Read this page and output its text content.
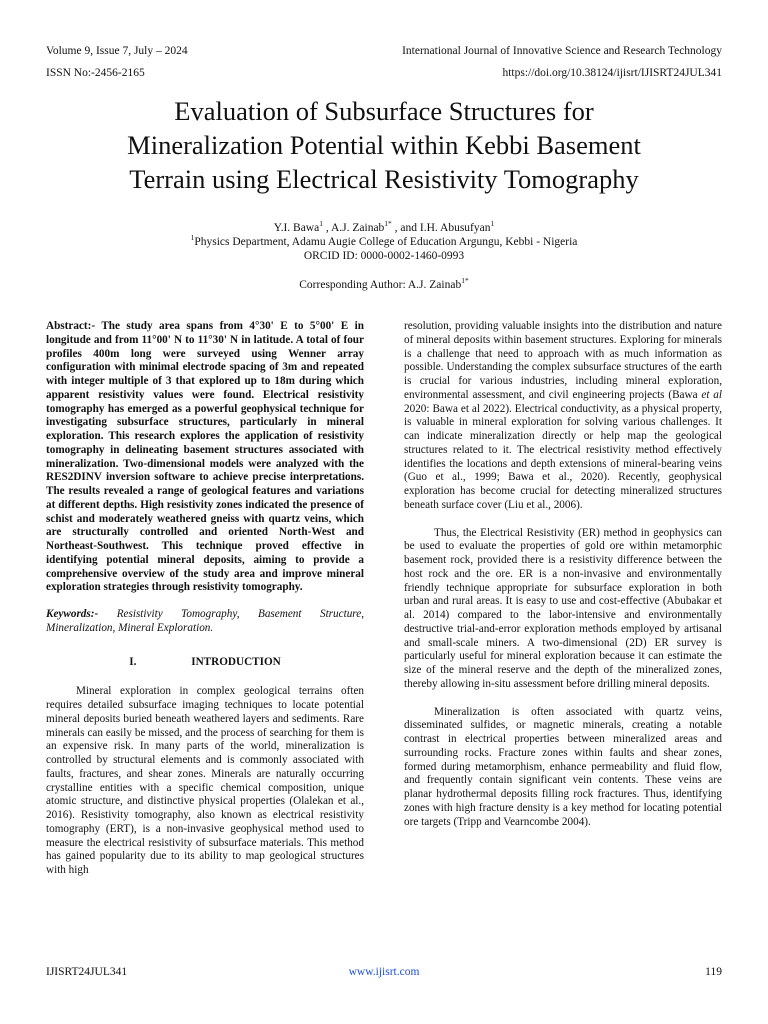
Volume 9, Issue 7, July – 2024	International Journal of Innovative Science and Research Technology
ISSN No:-2456-2165	https://doi.org/10.38124/ijisrt/IJISRT24JUL341
Evaluation of Subsurface Structures for
Mineralization Potential within Kebbi Basement
Terrain using Electrical Resistivity Tomography
Y.I. Bawa$^1$ , A.J. Zainab$^{1*}$ , and I.H. Abusufyan$^1$
$^1$Physics Department, Adamu Augie College of Education Argungu, Kebbi - Nigeria
ORCID ID: 0000-0002-1460-0993
Corresponding Author: A.J. Zainab$^{1*}$

Abstract:- The study area spans from 4°30' E to 5°00' E in longitude and from 11°00' N to 11°30' N in latitude. A total of four profiles 400m long were surveyed using Wenner array configuration with minimal electrode spacing of 3m and repeated with integer multiple of 3 that explored up to 18m during which apparent resistivity values were found. Electrical resistivity tomography has emerged as a powerful geophysical technique for investigating subsurface structures, particularly in mineral exploration. This research explores the application of resistivity tomography in delineating basement structures associated with mineralization. Two-dimensional models were analyzed with the RES2DINV inversion software to achieve precise interpretations. The results revealed a range of geological features and variations at different depths. High resistivity zones indicated the presence of schist and moderately weathered gneiss with quartz veins, which are structurally controlled and oriented North-West and Northeast-Southwest. This technique proved effective in identifying potential mineral deposits, aiming to provide a comprehensive overview of the study area and improve mineral exploration strategies through resistivity tomography.

Keywords:- Resistivity Tomography, Basement Structure, Mineralization, Mineral Exploration.

I.	INTRODUCTION

Mineral exploration in complex geological terrains often requires detailed subsurface imaging techniques to locate potential mineral deposits buried beneath weathered layers and sediments. Rare minerals can easily be missed, and the process of searching for them is an expensive risk. In many parts of the world, mineralization is controlled by structural elements and is commonly associated with faults, fractures, and shear zones. Minerals are naturally occurring crystalline entities with a specific chemical composition, unique atomic structure, and distinctive physical properties (Olalekan et al., 2016). Resistivity tomography, also known as electrical resistivity tomography (ERT), is a non-invasive geophysical method used to measure the electrical resistivity of subsurface materials. This method has gained popularity due to its ability to map geological structures with high

resolution, providing valuable insights into the distribution and nature of mineral deposits within basement structures. Exploring for minerals is a challenge that need to approach with as much information as possible. Understanding the complex subsurface structures of the earth is crucial for various industries, including mineral exploration, environmental assessment, and civil engineering projects (Bawa et al 2020: Bawa et al 2022). Electrical conductivity, as a physical property, is valuable in mineral exploration for solving various challenges. It can indicate mineralization directly or help map the geological structures related to it. The electrical resistivity method effectively identifies the locations and depth extensions of mineral-bearing veins (Guo et al., 1999; Bawa et al., 2020). Recently, geophysical exploration has become crucial for detecting mineralized structures beneath surface cover (Liu et al., 2006).

Thus, the Electrical Resistivity (ER) method in geophysics can be used to evaluate the properties of gold ore within metamorphic basement rock, provided there is a resistivity difference between the host rock and the ore. ER is a non-invasive and environmentally friendly technique appropriate for subsurface exploration in both urban and rural areas. It is easy to use and cost-effective (Abubakar et al. 2014) compared to the labor-intensive and environmentally destructive trial-and-error exploration methods employed by artisanal and small-scale miners. A two-dimensional (2D) ER survey is particularly useful for mineral exploration because it can estimate the size of the mineral reserve and the depth of the mineralized zones, thereby allowing in-situ assessment before drilling mineral deposits.

Mineralization is often associated with quartz veins, disseminated sulfides, or magnetic minerals, creating a notable contrast in electrical properties between mineralized areas and surrounding rocks. Fracture zones within faults and shear zones, formed during metamorphism, enhance permeability and fluid flow, and frequently contain significant vein contents. These veins are planar hydrothermal deposits filling rock fractures. Thus, identifying zones with high fracture density is a key method for locating potential ore targets (Tripp and Vearncombe 2004).

IJISRT24JUL341	www.ijisrt.com	119
